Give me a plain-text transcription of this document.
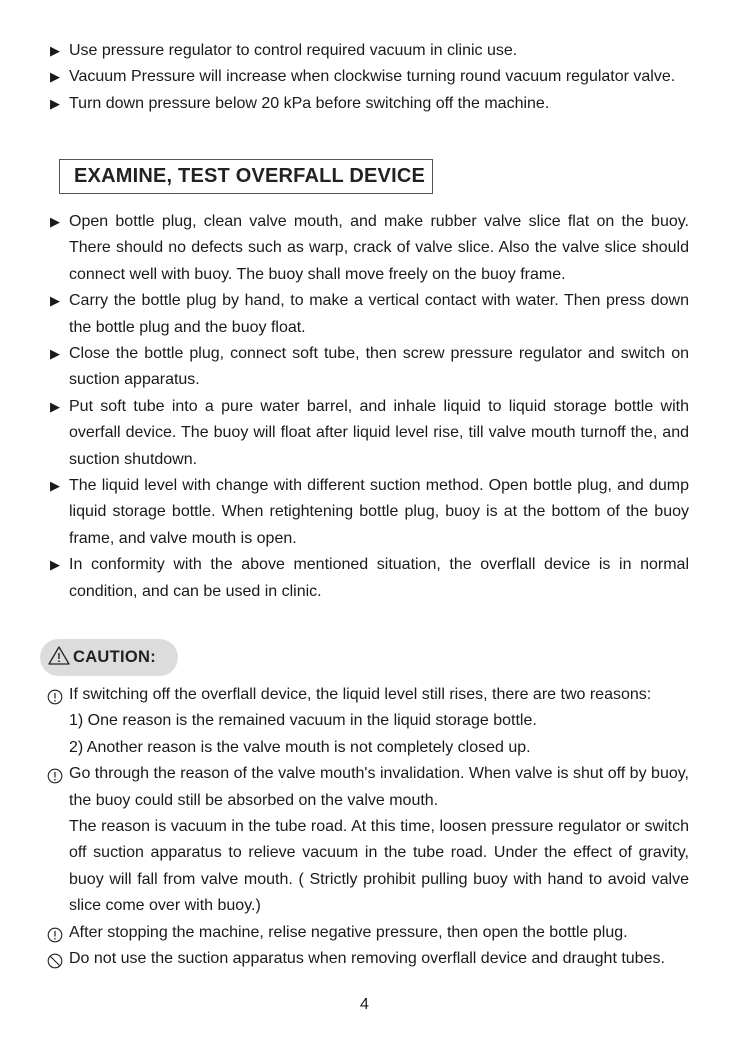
▶ Use pressure regulator to control required vacuum in clinic use.
▶ Vacuum Pressure will increase when clockwise turning round vacuum regulator valve.
▶ Turn down pressure below 20 kPa before switching off the machine.
EXAMINE, TEST OVERFALL DEVICE
▶ Open bottle plug, clean valve mouth, and make rubber valve slice flat on the buoy. There should no defects such as warp, crack of valve slice. Also the valve slice should connect well with buoy. The buoy shall move freely on the buoy frame.
▶ Carry the bottle plug by hand, to make a vertical contact with water. Then press down the bottle plug and the buoy float.
▶ Close the bottle plug, connect soft tube, then screw pressure regulator and switch on suction apparatus.
▶ Put soft tube into a pure water barrel, and inhale liquid to liquid storage bottle with overfall device. The buoy will float after liquid level rise, till valve mouth turnoff the, and suction shutdown.
▶ The liquid level with change with different suction method. Open bottle plug, and dump liquid storage bottle. When retightening bottle plug, buoy is at the bottom of the buoy frame, and valve mouth is open.
▶ In conformity with the above mentioned situation, the overflall device is in normal condition, and can be used in clinic.
CAUTION:
If switching off the overflall device, the liquid level still rises, there are two reasons:
1) One reason is the remained vacuum in the liquid storage bottle.
2) Another reason is the valve mouth is not completely closed up.
Go through the reason of the valve mouth's invalidation. When valve is shut off by buoy, the buoy could still be absorbed on the valve mouth.
The reason is vacuum in the tube road. At this time, loosen pressure regulator or switch off suction apparatus to relieve vacuum in the tube road. Under the effect of gravity, buoy will fall from valve mouth. ( Strictly prohibit pulling buoy with hand to avoid valve slice come over with buoy.)
After stopping the machine, relise negative pressure, then open the bottle plug.
Do not use the suction apparatus when removing overflall device and draught tubes.
4
